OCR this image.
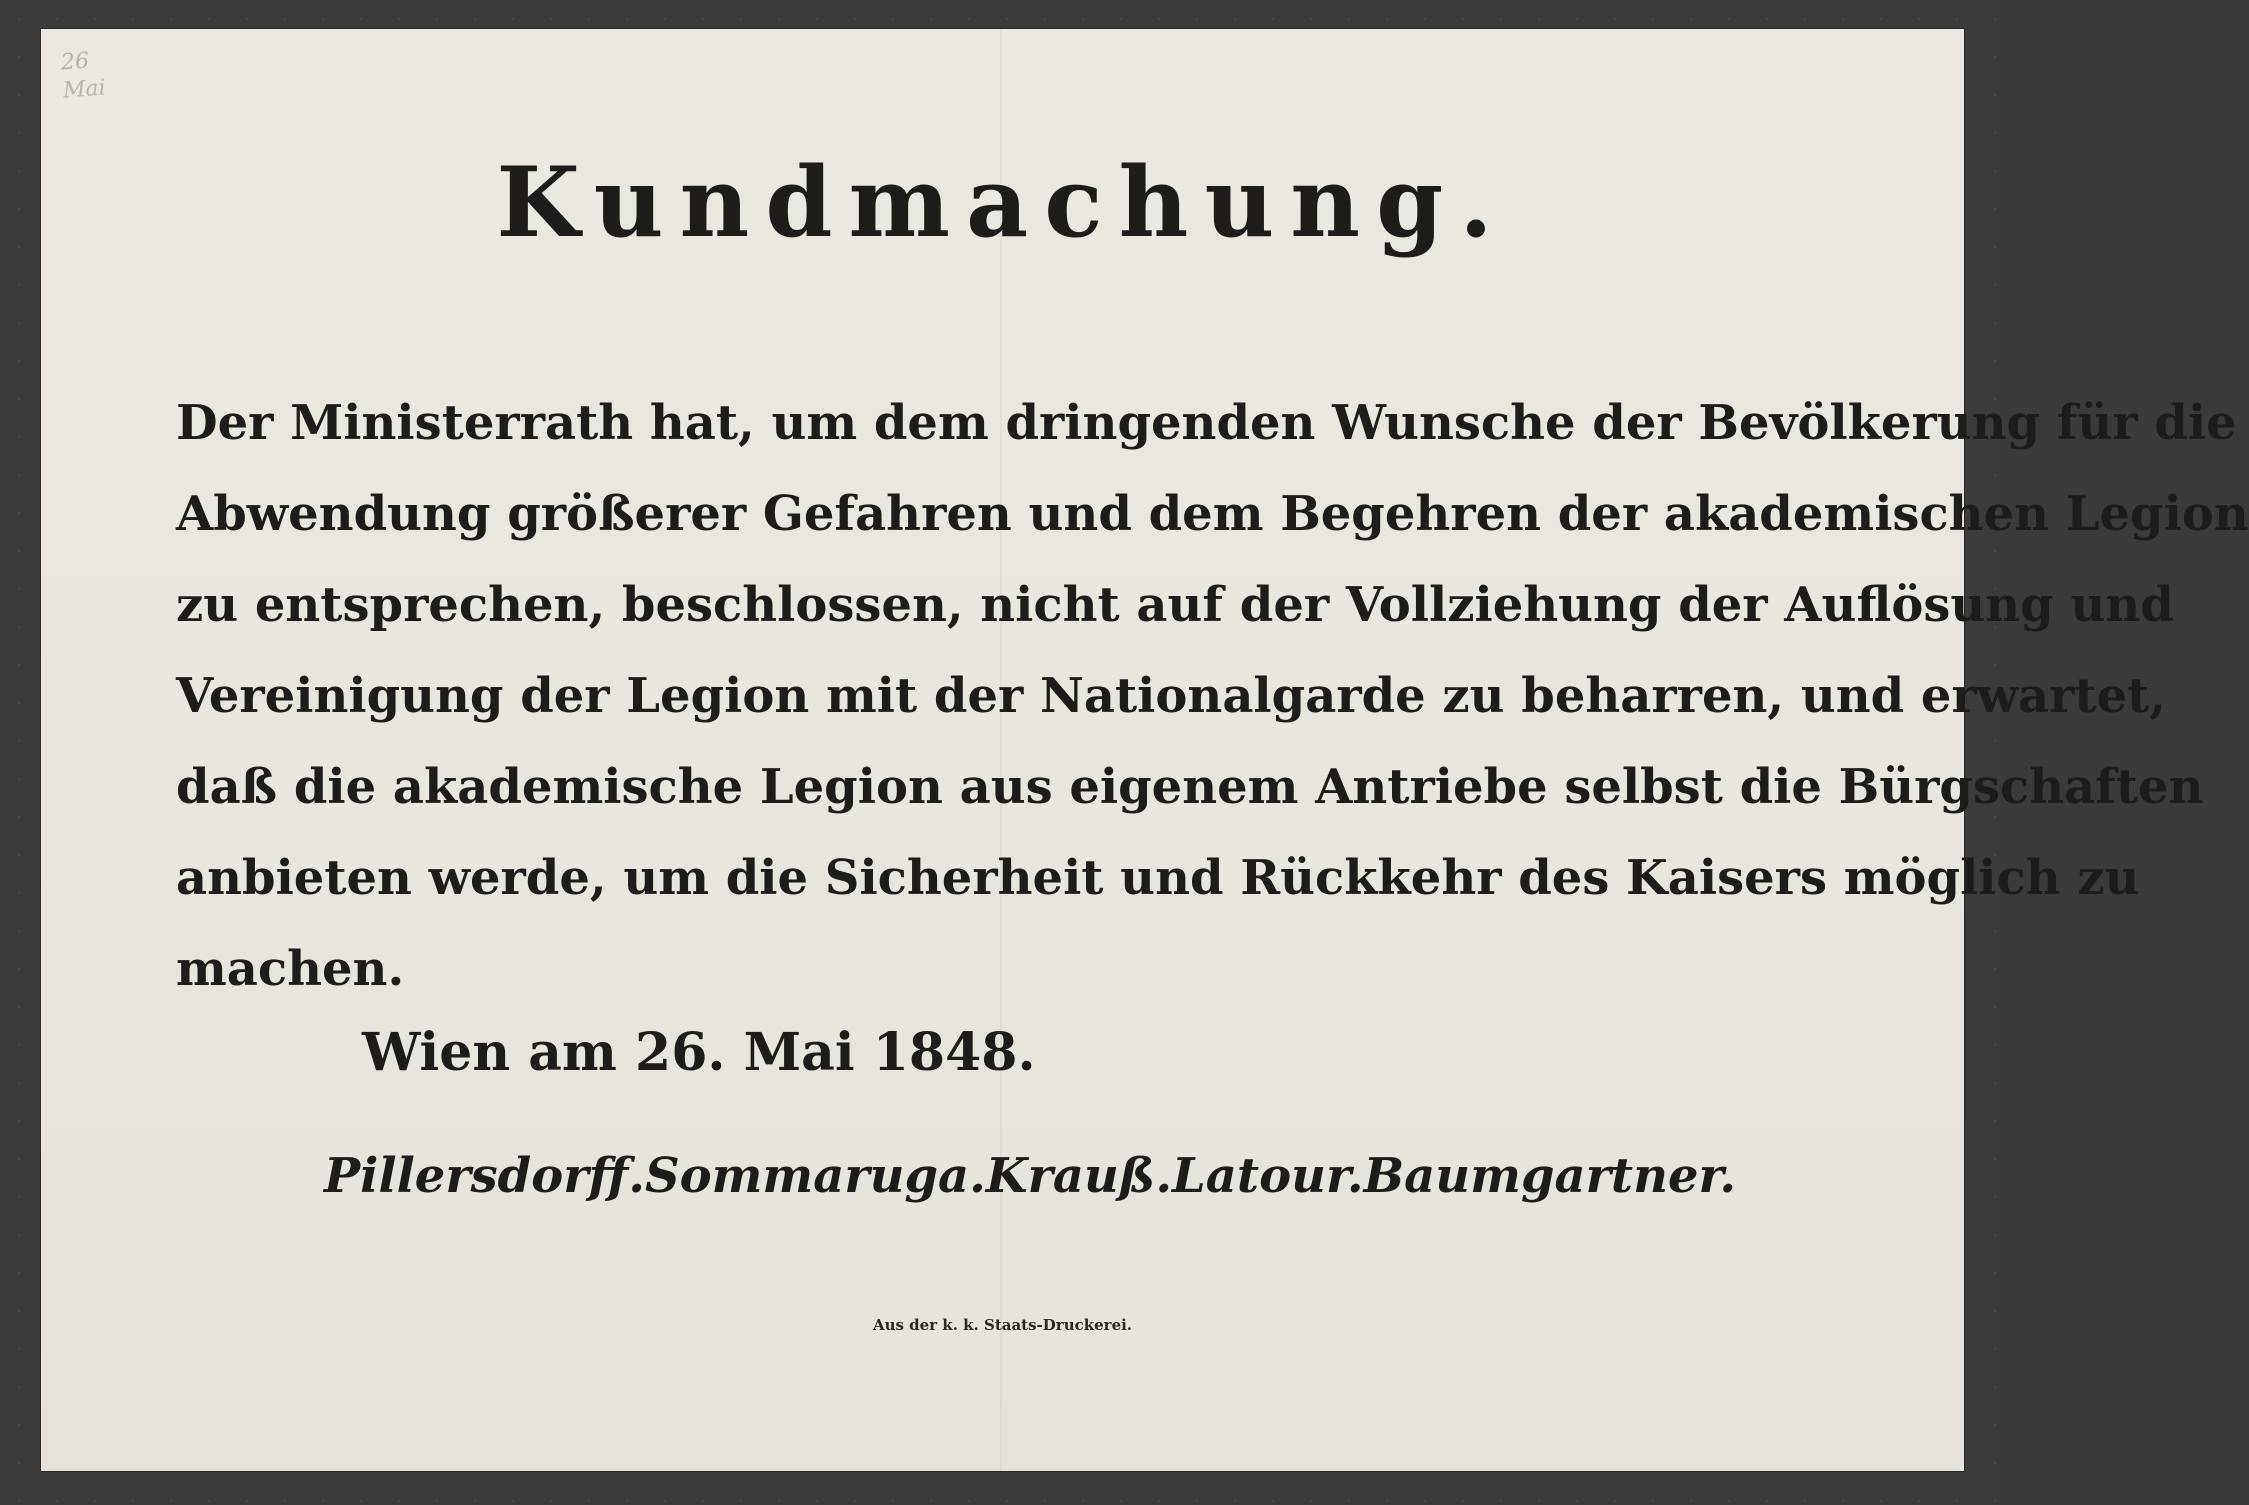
26
Mai
Kundmachung.
Der Ministerrath hat, um dem dringenden Wunsche der Bevölkerung für die
Abwendung größerer Gefahren und dem Begehren der akademischen Legion
zu entsprechen, beschlossen, nicht auf der Vollziehung der Auflösung und
Vereinigung der Legion mit der Nationalgarde zu beharren, und erwartet,
daß die akademische Legion aus eigenem Antriebe selbst die Bürgschaften
anbieten werde, um die Sicherheit und Rückkehr des Kaisers möglich zu
machen.
Wien am 26. Mai 1848.
Pillersdorff. Sommaruga. Krauß. Latour. Baumgartner.
Aus der k. k. Staats-Druckerei.
